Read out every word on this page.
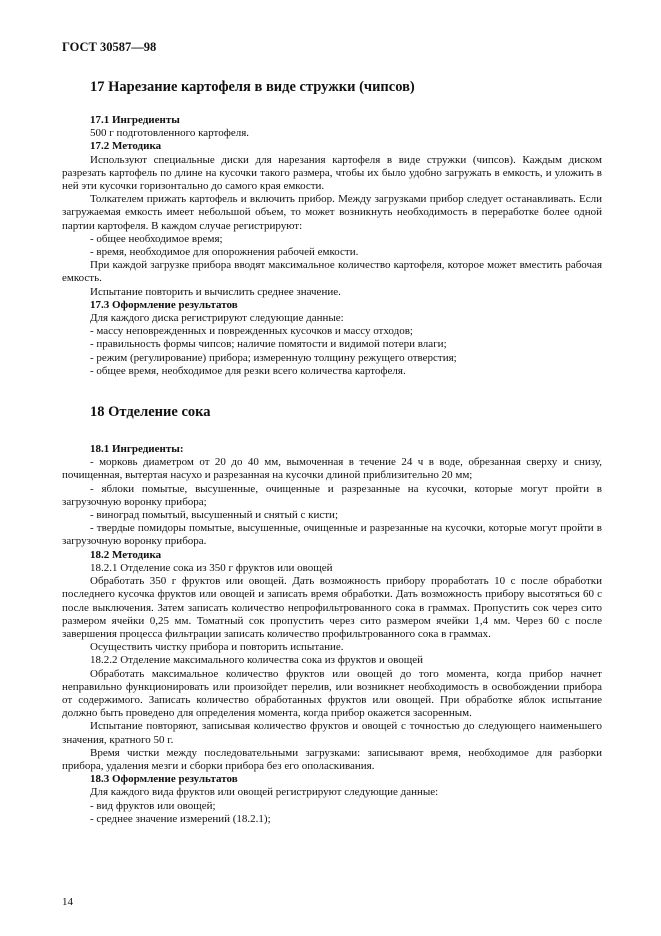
ГОСТ 30587—98
17 Нарезание картофеля в виде стружки (чипсов)
17.1 Ингредиенты

500 г подготовленного картофеля.

17.2 Методика

Используют специальные диски для нарезания картофеля в виде стружки (чипсов). Каждым диском разрезать картофель по длине на кусочки такого размера, чтобы их было удобно загружать в емкость, и уложить в ней эти кусочки горизонтально до самого края емкости.

Толкателем прижать картофель и включить прибор. Между загрузками прибор следует останавливать. Если загружаемая емкость имеет небольшой объем, то может возникнуть необходимость в переработке более одной партии картофеля. В каждом случае регистрируют:

- общее необходимое время;

- время, необходимое для опорожнения рабочей емкости.

При каждой загрузке прибора вводят максимальное количество картофеля, которое может вместить рабочая емкость.

Испытание повторить и вычислить среднее значение.

17.3 Оформление результатов

Для каждого диска регистрируют следующие данные:

- массу неповрежденных и поврежденных кусочков и массу отходов;

- правильность формы чипсов; наличие помятости и видимой потери влаги;

- режим (регулирование) прибора; измеренную толщину режущего отверстия;

- общее время, необходимое для резки всего количества картофеля.

18 Отделение сока
18.1 Ингредиенты:

- морковь диаметром от 20 до 40 мм, вымоченная в течение 24 ч в воде, обрезанная сверху и снизу, почищенная, вытертая насухо и разрезанная на кусочки длиной приблизительно 20 мм;

- яблоки помытые, высушенные, очищенные и разрезанные на кусочки, которые могут пройти в загрузочную воронку прибора;

- виноград помытый, высушенный и снятый с кисти;

- твердые помидоры помытые, высушенные, очищенные и разрезанные на кусочки, которые могут пройти в загрузочную воронку прибора.

18.2 Методика

18.2.1 Отделение сока из 350 г фруктов или овощей

Обработать 350 г фруктов или овощей. Дать возможность прибору проработать 10 с после обработки последнего кусочка фруктов или овощей и записать время обработки. Дать возможность прибору высотяться 60 с после выключения. Затем записать количество непрофильтрованного сока в граммах. Пропустить сок через сито размером ячейки 0,25 мм. Томатный сок пропустить через сито размером ячейки 1,4 мм. Через 60 с после завершения процесса фильтрации записать количество профильтрованного сока в граммах.

Осуществить чистку прибора и повторить испытание.

18.2.2 Отделение максимального количества сока из фруктов и овощей

Обработать максимальное количество фруктов или овощей до того момента, когда прибор начнет неправильно функционировать или произойдет перелив, или возникнет необходимость в освобождении прибора от содержимого. Записать количество обработанных фруктов или овощей. При обработке яблок испытание должно быть проведено для определения момента, когда прибор окажется засоренным.

Испытание повторяют, записывая количество фруктов и овощей с точностью до следующего наименьшего значения, кратного 50 г.

Время чистки между последовательными загрузками: записывают время, необходимое для разборки прибора, удаления мезги и сборки прибора без его ополаскивания.

18.3 Оформление результатов

Для каждого вида фруктов или овощей регистрируют следующие данные:

- вид фруктов или овощей;

- среднее значение измерений (18.2.1);

14
